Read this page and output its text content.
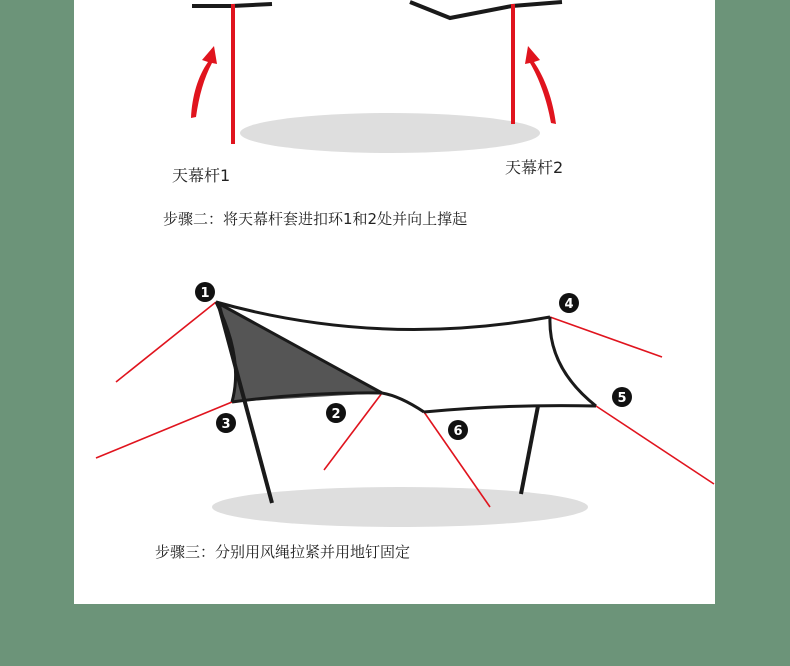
1
2
3
4
5
6
天幕杆1	天幕杆2
步骤二：将天幕杆套进扣环1和2处并向上撑起
步骤三：分别用风绳拉紧并用地钉固定
